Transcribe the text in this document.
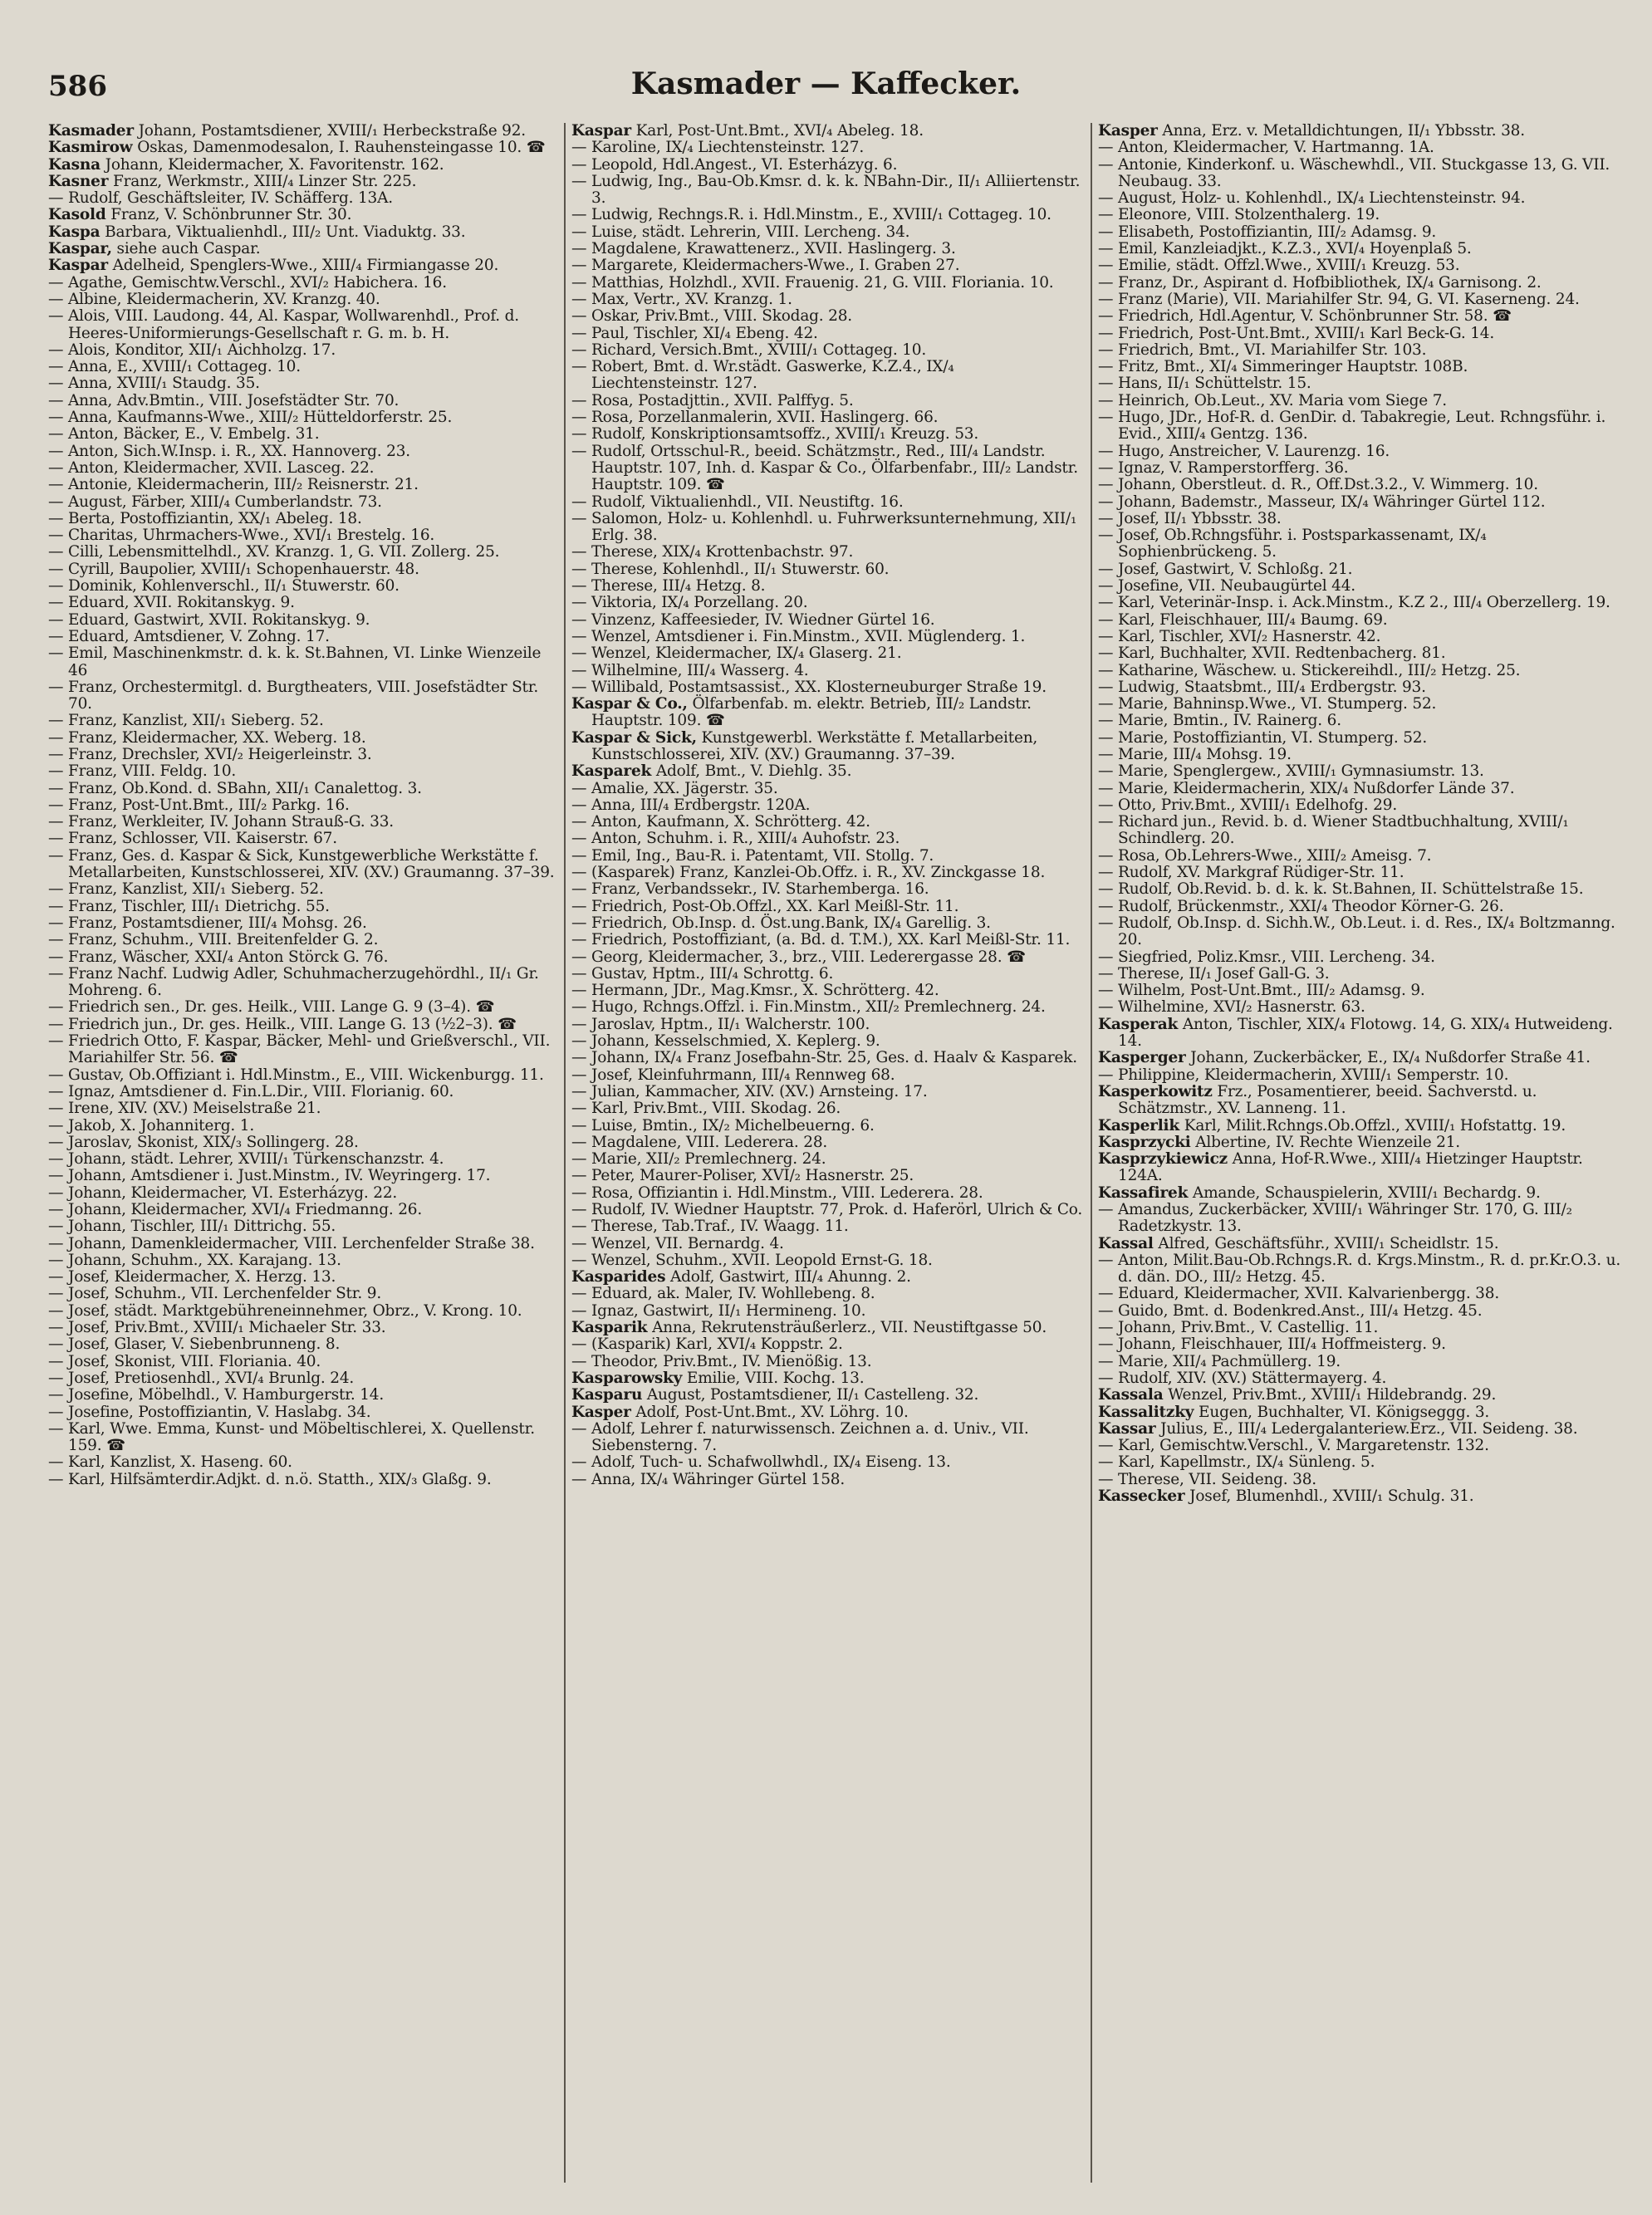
586	Kasmader — Kaffecker.

Kasmader Johann, Postamtsdiener, XVIII/₁ Herbeckstraße 92.

Kasmirow Oskas, Damenmodesalon, I. Rauhensteingasse 10. ☎

Kasna Johann, Kleidermacher, X. Favoritenstr. 162.

Kasner Franz, Werkmstr., XIII/₄ Linzer Str. 225.

— Rudolf, Geschäftsleiter, IV. Schäfferg. 13A.

Kasold Franz, V. Schönbrunner Str. 30.

Kaspa Barbara, Viktualienhdl., III/₂ Unt. Viaduktg. 33.

Kaspar, siehe auch Caspar.

Kaspar Adelheid, Spenglers-Wwe., XIII/₄ Firmiangasse 20.

— Agathe, Gemischtw.Verschl., XVI/₂ Habichera. 16.

— Albine, Kleidermacherin, XV. Kranzg. 40.

— Alois, VIII. Laudong. 44, Al. Kaspar, Wollwarenhdl., Prof. d. Heeres-Uniformierungs-Gesellschaft r. G. m. b. H.

— Alois, Konditor, XII/₁ Aichholzg. 17.

— Anna, E., XVIII/₁ Cottageg. 10.

— Anna, XVIII/₁ Staudg. 35.

— Anna, Adv.Bmtin., VIII. Josefstädter Str. 70.

— Anna, Kaufmanns-Wwe., XIII/₂ Hütteldorferstr. 25.

— Anton, Bäcker, E., V. Embelg. 31.

— Anton, Sich.W.Insp. i. R., XX. Hannoverg. 23.

— Anton, Kleidermacher, XVII. Lasceg. 22.

— Antonie, Kleidermacherin, III/₂ Reisnerstr. 21.

— August, Färber, XIII/₄ Cumberlandstr. 73.

— Berta, Postoffiziantin, XX/₁ Abeleg. 18.

— Charitas, Uhrmachers-Wwe., XVI/₁ Brestelg. 16.

— Cilli, Lebensmittelhdl., XV. Kranzg. 1, G. VII. Zollerg. 25.

— Cyrill, Baupolier, XVIII/₁ Schopenhauerstr. 48.

— Dominik, Kohlenverschl., II/₁ Stuwerstr. 60.

— Eduard, XVII. Rokitanskyg. 9.

— Eduard, Gastwirt, XVII. Rokitanskyg. 9.

— Eduard, Amtsdiener, V. Zohng. 17.

— Emil, Maschinenkmstr. d. k. k. St.Bahnen, VI. Linke Wienzeile 46

— Franz, Orchestermitgl. d. Burgtheaters, VIII. Josefstädter Str. 70.

— Franz, Kanzlist, XII/₁ Sieberg. 52.

— Franz, Kleidermacher, XX. Weberg. 18.

— Franz, Drechsler, XVI/₂ Heigerleinstr. 3.

— Franz, VIII. Feldg. 10.

— Franz, Ob.Kond. d. SBahn, XII/₁ Canalettog. 3.

— Franz, Post-Unt.Bmt., III/₂ Parkg. 16.

— Franz, Werkleiter, IV. Johann Strauß-G. 33.

— Franz, Schlosser, VII. Kaiserstr. 67.

— Franz, Ges. d. Kaspar & Sick, Kunstgewerbliche Werkstätte f. Metallarbeiten, Kunstschlosserei, XIV. (XV.) Graumanng. 37–39.

— Franz, Kanzlist, XII/₁ Sieberg. 52.

— Franz, Tischler, III/₁ Dietrichg. 55.

— Franz, Postamtsdiener, III/₄ Mohsg. 26.

— Franz, Schuhm., VIII. Breitenfelder G. 2.

— Franz, Wäscher, XXI/₄ Anton Störck G. 76.

— Franz Nachf. Ludwig Adler, Schuhmacherzugehördhl., II/₁ Gr. Mohreng. 6.

— Friedrich sen., Dr. ges. Heilk., VIII. Lange G. 9 (3–4). ☎

— Friedrich jun., Dr. ges. Heilk., VIII. Lange G. 13 (½2–3). ☎

— Friedrich Otto, F. Kaspar, Bäcker, Mehl- und Grießverschl., VII. Mariahilfer Str. 56. ☎

— Gustav, Ob.Offiziant i. Hdl.Minstm., E., VIII. Wickenburgg. 11.

— Ignaz, Amtsdiener d. Fin.L.Dir., VIII. Florianig. 60.

— Irene, XIV. (XV.) Meiselstraße 21.

— Jakob, X. Johanniterg. 1.

— Jaroslav, Skonist, XIX/₃ Sollingerg. 28.

— Johann, städt. Lehrer, XVIII/₁ Türkenschanzstr. 4.

— Johann, Amtsdiener i. Just.Minstm., IV. Weyringerg. 17.

— Johann, Kleidermacher, VI. Esterházyg. 22.

— Johann, Kleidermacher, XVI/₄ Friedmanng. 26.

— Johann, Tischler, III/₁ Dittrichg. 55.

— Johann, Damenkleidermacher, VIII. Lerchenfelder Straße 38.

— Johann, Schuhm., XX. Karajang. 13.

— Josef, Kleidermacher, X. Herzg. 13.

— Josef, Schuhm., VII. Lerchenfelder Str. 9.

— Josef, städt. Marktgebühreneinnehmer, Obrz., V. Krong. 10.

— Josef, Priv.Bmt., XVIII/₁ Michaeler Str. 33.

— Josef, Glaser, V. Siebenbrunneng. 8.

— Josef, Skonist, VIII. Floriania. 40.

— Josef, Pretiosenhdl., XVI/₄ Brunlg. 24.

— Josefine, Möbelhdl., V. Hamburgerstr. 14.

— Josefine, Postoffiziantin, V. Haslabg. 34.

— Karl, Wwe. Emma, Kunst- und Möbeltischlerei, X. Quellenstr. 159. ☎

— Karl, Kanzlist, X. Haseng. 60.

— Karl, Hilfsämterdir.Adjkt. d. n.ö. Statth., XIX/₃ Glaßg. 9.

Kaspar Karl, Post-Unt.Bmt., XVI/₄ Abeleg. 18.

— Karoline, IX/₄ Liechtensteinstr. 127.

— Leopold, Hdl.Angest., VI. Esterházyg. 6.

— Ludwig, Ing., Bau-Ob.Kmsr. d. k. k. NBahn-Dir., II/₁ Alliiertenstr. 3.

— Ludwig, Rechngs.R. i. Hdl.Minstm., E., XVIII/₁ Cottageg. 10.

— Luise, städt. Lehrerin, VIII. Lercheng. 34.

— Magdalene, Krawattenerz., XVII. Haslingerg. 3.

— Margarete, Kleidermachers-Wwe., I. Graben 27.

— Matthias, Holzhdl., XVII. Frauenig. 21, G. VIII. Floriania. 10.

— Max, Vertr., XV. Kranzg. 1.

— Oskar, Priv.Bmt., VIII. Skodag. 28.

— Paul, Tischler, XI/₄ Ebeng. 42.

— Richard, Versich.Bmt., XVIII/₁ Cottageg. 10.

— Robert, Bmt. d. Wr.städt. Gaswerke, K.Z.4., IX/₄ Liechtensteinstr. 127.

— Rosa, Postadjttin., XVII. Palffyg. 5.

— Rosa, Porzellanmalerin, XVII. Haslingerg. 66.

— Rudolf, Konskriptionsamtsoffz., XVIII/₁ Kreuzg. 53.

— Rudolf, Ortsschul-R., beeid. Schätzmstr., Red., III/₄ Landstr. Hauptstr. 107, Inh. d. Kaspar & Co., Ölfarbenfabr., III/₂ Landstr. Hauptstr. 109. ☎

— Rudolf, Viktualienhdl., VII. Neustiftg. 16.

— Salomon, Holz- u. Kohlenhdl. u. Fuhrwerksunternehmung, XII/₁ Erlg. 38.

— Therese, XIX/₄ Krottenbachstr. 97.

— Therese, Kohlenhdl., II/₁ Stuwerstr. 60.

— Therese, III/₄ Hetzg. 8.

— Viktoria, IX/₄ Porzellang. 20.

— Vinzenz, Kaffeesieder, IV. Wiedner Gürtel 16.

— Wenzel, Amtsdiener i. Fin.Minstm., XVII. Müglenderg. 1.

— Wenzel, Kleidermacher, IX/₄ Glaserg. 21.

— Wilhelmine, III/₄ Wasserg. 4.

— Willibald, Postamtsassist., XX. Klosterneuburger Straße 19.

Kaspar & Co., Ölfarbenfab. m. elektr. Betrieb, III/₂ Landstr. Hauptstr. 109. ☎

Kaspar & Sick, Kunstgewerbl. Werkstätte f. Metallarbeiten, Kunstschlosserei, XIV. (XV.) Graumanng. 37–39.

Kasparek Adolf, Bmt., V. Diehlg. 35.

— Amalie, XX. Jägerstr. 35.

— Anna, III/₄ Erdbergstr. 120A.

— Anton, Kaufmann, X. Schrötterg. 42.

— Anton, Schuhm. i. R., XIII/₄ Auhofstr. 23.

— Emil, Ing., Bau-R. i. Patentamt, VII. Stollg. 7.

— (Kasparek) Franz, Kanzlei-Ob.Offz. i. R., XV. Zinckgasse 18.

— Franz, Verbandssekr., IV. Starhemberga. 16.

— Friedrich, Post-Ob.Offzl., XX. Karl Meißl-Str. 11.

— Friedrich, Ob.Insp. d. Öst.ung.Bank, IX/₄ Garellig. 3.

— Friedrich, Postoffiziant, (a. Bd. d. T.M.), XX. Karl Meißl-Str. 11.

— Georg, Kleidermacher, 3., brz., VIII. Lederergasse 28. ☎

— Gustav, Hptm., III/₄ Schrottg. 6.

— Hermann, JDr., Mag.Kmsr., X. Schrötterg. 42.

— Hugo, Rchngs.Offzl. i. Fin.Minstm., XII/₂ Premlechnerg. 24.

— Jaroslav, Hptm., II/₁ Walcherstr. 100.

— Johann, Kesselschmied, X. Keplerg. 9.

— Johann, IX/₄ Franz Josefbahn-Str. 25, Ges. d. Haalv & Kasparek.

— Josef, Kleinfuhrmann, III/₄ Rennweg 68.

— Julian, Kammacher, XIV. (XV.) Arnsteing. 17.

— Karl, Priv.Bmt., VIII. Skodag. 26.

— Luise, Bmtin., IX/₂ Michelbeuerng. 6.

— Magdalene, VIII. Lederera. 28.

— Marie, XII/₂ Premlechnerg. 24.

— Peter, Maurer-Poliser, XVI/₂ Hasnerstr. 25.

— Rosa, Offiziantin i. Hdl.Minstm., VIII. Lederera. 28.

— Rudolf, IV. Wiedner Hauptstr. 77, Prok. d. Haferörl, Ulrich & Co.

— Therese, Tab.Traf., IV. Waagg. 11.

— Wenzel, VII. Bernardg. 4.

— Wenzel, Schuhm., XVII. Leopold Ernst-G. 18.

Kasparides Adolf, Gastwirt, III/₄ Ahunng. 2.

— Eduard, ak. Maler, IV. Wohllebeng. 8.

— Ignaz, Gastwirt, II/₁ Hermineng. 10.

Kasparik Anna, Rekrutensträußerlerz., VII. Neustiftgasse 50.

— (Kasparik) Karl, XVI/₄ Koppstr. 2.

— Theodor, Priv.Bmt., IV. Mienößig. 13.

Kasparowsky Emilie, VIII. Kochg. 13.

Kasparu August, Postamtsdiener, II/₁ Castelleng. 32.

Kasper Adolf, Post-Unt.Bmt., XV. Löhrg. 10.

— Adolf, Lehrer f. naturwissensch. Zeichnen a. d. Univ., VII. Siebensterng. 7.

— Adolf, Tuch- u. Schafwollwhdl., IX/₄ Eiseng. 13.

— Anna, IX/₄ Währinger Gürtel 158.

Kasper Anna, Erz. v. Metalldichtungen, II/₁ Ybbsstr. 38.

— Anton, Kleidermacher, V. Hartmanng. 1A.

— Antonie, Kinderkonf. u. Wäschewhdl., VII. Stuckgasse 13, G. VII. Neubaug. 33.

— August, Holz- u. Kohlenhdl., IX/₄ Liechtensteinstr. 94.

— Eleonore, VIII. Stolzenthalerg. 19.

— Elisabeth, Postoffiziantin, III/₂ Adamsg. 9.

— Emil, Kanzleiadjkt., K.Z.3., XVI/₄ Hoyenplaß 5.

— Emilie, städt. Offzl.Wwe., XVIII/₁ Kreuzg. 53.

— Franz, Dr., Aspirant d. Hofbibliothek, IX/₄ Garnisong. 2.

— Franz (Marie), VII. Mariahilfer Str. 94, G. VI. Kaserneng. 24.

— Friedrich, Hdl.Agentur, V. Schönbrunner Str. 58. ☎

— Friedrich, Post-Unt.Bmt., XVIII/₁ Karl Beck-G. 14.

— Friedrich, Bmt., VI. Mariahilfer Str. 103.

— Fritz, Bmt., XI/₄ Simmeringer Hauptstr. 108B.

— Hans, II/₁ Schüttelstr. 15.

— Heinrich, Ob.Leut., XV. Maria vom Siege 7.

— Hugo, JDr., Hof-R. d. GenDir. d. Tabakregie, Leut. Rchngsführ. i. Evid., XIII/₄ Gentzg. 136.

— Hugo, Anstreicher, V. Laurenzg. 16.

— Ignaz, V. Ramperstorfferg. 36.

— Johann, Oberstleut. d. R., Off.Dst.3.2., V. Wimmerg. 10.

— Johann, Bademstr., Masseur, IX/₄ Währinger Gürtel 112.

— Josef, II/₁ Ybbsstr. 38.

— Josef, Ob.Rchngsführ. i. Postsparkassenamt, IX/₄ Sophienbrückeng. 5.

— Josef, Gastwirt, V. Schloßg. 21.

— Josefine, VII. Neubaugürtel 44.

— Karl, Veterinär-Insp. i. Ack.Minstm., K.Z 2., III/₄ Oberzellerg. 19.

— Karl, Fleischhauer, III/₄ Baumg. 69.

— Karl, Tischler, XVI/₂ Hasnerstr. 42.

— Karl, Buchhalter, XVII. Redtenbacherg. 81.

— Katharine, Wäschew. u. Stickereihdl., III/₂ Hetzg. 25.

— Ludwig, Staatsbmt., III/₄ Erdbergstr. 93.

— Marie, Bahninsp.Wwe., VI. Stumperg. 52.

— Marie, Bmtin., IV. Rainerg. 6.

— Marie, Postoffiziantin, VI. Stumperg. 52.

— Marie, III/₄ Mohsg. 19.

— Marie, Spenglergew., XVIII/₁ Gymnasiumstr. 13.

— Marie, Kleidermacherin, XIX/₄ Nußdorfer Lände 37.

— Otto, Priv.Bmt., XVIII/₁ Edelhofg. 29.

— Richard jun., Revid. b. d. Wiener Stadtbuchhaltung, XVIII/₁ Schindlerg. 20.

— Rosa, Ob.Lehrers-Wwe., XIII/₂ Ameisg. 7.

— Rudolf, XV. Markgraf Rüdiger-Str. 11.

— Rudolf, Ob.Revid. b. d. k. k. St.Bahnen, II. Schüttelstraße 15.

— Rudolf, Brückenmstr., XXI/₄ Theodor Körner-G. 26.

— Rudolf, Ob.Insp. d. Sichh.W., Ob.Leut. i. d. Res., IX/₄ Boltzmanng. 20.

— Siegfried, Poliz.Kmsr., VIII. Lercheng. 34.

— Therese, II/₁ Josef Gall-G. 3.

— Wilhelm, Post-Unt.Bmt., III/₂ Adamsg. 9.

— Wilhelmine, XVI/₂ Hasnerstr. 63.

Kasperak Anton, Tischler, XIX/₄ Flotowg. 14, G. XIX/₄ Hutweideng. 14.

Kasperger Johann, Zuckerbäcker, E., IX/₄ Nußdorfer Straße 41.

— Philippine, Kleidermacherin, XVIII/₁ Semperstr. 10.

Kasperkowitz Frz., Posamentierer, beeid. Sachverstd. u. Schätzmstr., XV. Lanneng. 11.

Kasperlik Karl, Milit.Rchngs.Ob.Offzl., XVIII/₁ Hofstattg. 19.

Kasprzycki Albertine, IV. Rechte Wienzeile 21.

Kasprzykiewicz Anna, Hof-R.Wwe., XIII/₄ Hietzinger Hauptstr. 124A.

Kassafirek Amande, Schauspielerin, XVIII/₁ Bechardg. 9.

— Amandus, Zuckerbäcker, XVIII/₁ Währinger Str. 170, G. III/₂ Radetzkystr. 13.

Kassal Alfred, Geschäftsführ., XVIII/₁ Scheidlstr. 15.

— Anton, Milit.Bau-Ob.Rchngs.R. d. Krgs.Minstm., R. d. pr.Kr.O.3. u. d. dän. DO., III/₂ Hetzg. 45.

— Eduard, Kleidermacher, XVII. Kalvarienbergg. 38.

— Guido, Bmt. d. Bodenkred.Anst., III/₄ Hetzg. 45.

— Johann, Priv.Bmt., V. Castellig. 11.

— Johann, Fleischhauer, III/₄ Hoffmeisterg. 9.

— Marie, XII/₄ Pachmüllerg. 19.

— Rudolf, XIV. (XV.) Stättermayerg. 4.

Kassala Wenzel, Priv.Bmt., XVIII/₁ Hildebrandg. 29.

Kassalitzky Eugen, Buchhalter, VI. Königseggg. 3.

Kassar Julius, E., III/₄ Ledergalanteriew.Erz., VII. Seideng. 38.

— Karl, Gemischtw.Verschl., V. Margaretenstr. 132.

— Karl, Kapellmstr., IX/₄ Sünleng. 5.

— Therese, VII. Seideng. 38.

Kassecker Josef, Blumenhdl., XVIII/₁ Schulg. 31.
